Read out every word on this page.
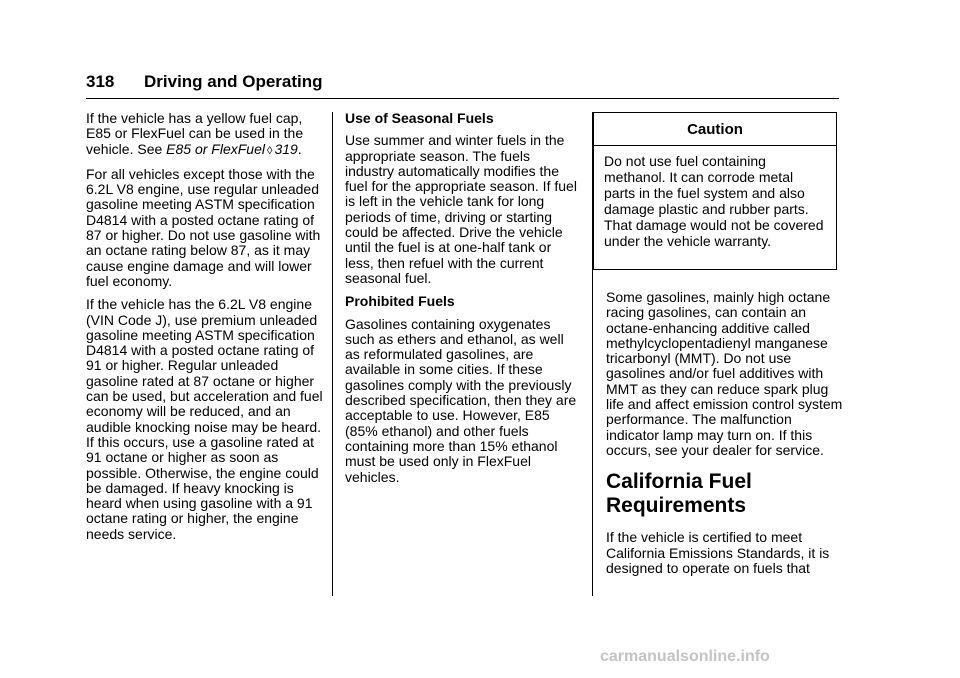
318 Driving and Operating

If the vehicle has a yellow fuel cap, E85 or FlexFuel can be used in the vehicle. See E85 or FlexFuel ◊ 319.

For all vehicles except those with the 6.2L V8 engine, use regular unleaded gasoline meeting ASTM specification D4814 with a posted octane rating of 87 or higher. Do not use gasoline with an octane rating below 87, as it may cause engine damage and will lower fuel economy.

If the vehicle has the 6.2L V8 engine (VIN Code J), use premium unleaded gasoline meeting ASTM specification D4814 with a posted octane rating of 91 or higher. Regular unleaded gasoline rated at 87 octane or higher can be used, but acceleration and fuel economy will be reduced, and an audible knocking noise may be heard. If this occurs, use a gasoline rated at 91 octane or higher as soon as possible. Otherwise, the engine could be damaged. If heavy knocking is heard when using gasoline with a 91 octane rating or higher, the engine needs service.

Use of Seasonal Fuels

Use summer and winter fuels in the appropriate season. The fuels industry automatically modifies the fuel for the appropriate season. If fuel is left in the vehicle tank for long periods of time, driving or starting could be affected. Drive the vehicle until the fuel is at one-half tank or less, then refuel with the current seasonal fuel.

Prohibited Fuels

Gasolines containing oxygenates such as ethers and ethanol, as well as reformulated gasolines, are available in some cities. If these gasolines comply with the previously described specification, then they are acceptable to use. However, E85 (85% ethanol) and other fuels containing more than 15% ethanol must be used only in FlexFuel vehicles.

Caution
Do not use fuel containing methanol. It can corrode metal parts in the fuel system and also damage plastic and rubber parts. That damage would not be covered under the vehicle warranty.

Some gasolines, mainly high octane racing gasolines, can contain an octane-enhancing additive called methylcyclopentadienyl manganese tricarbonyl (MMT). Do not use gasolines and/or fuel additives with MMT as they can reduce spark plug life and affect emission control system performance. The malfunction indicator lamp may turn on. If this occurs, see your dealer for service.

California Fuel Requirements

If the vehicle is certified to meet California Emissions Standards, it is designed to operate on fuels that

carmanualsonline.info
